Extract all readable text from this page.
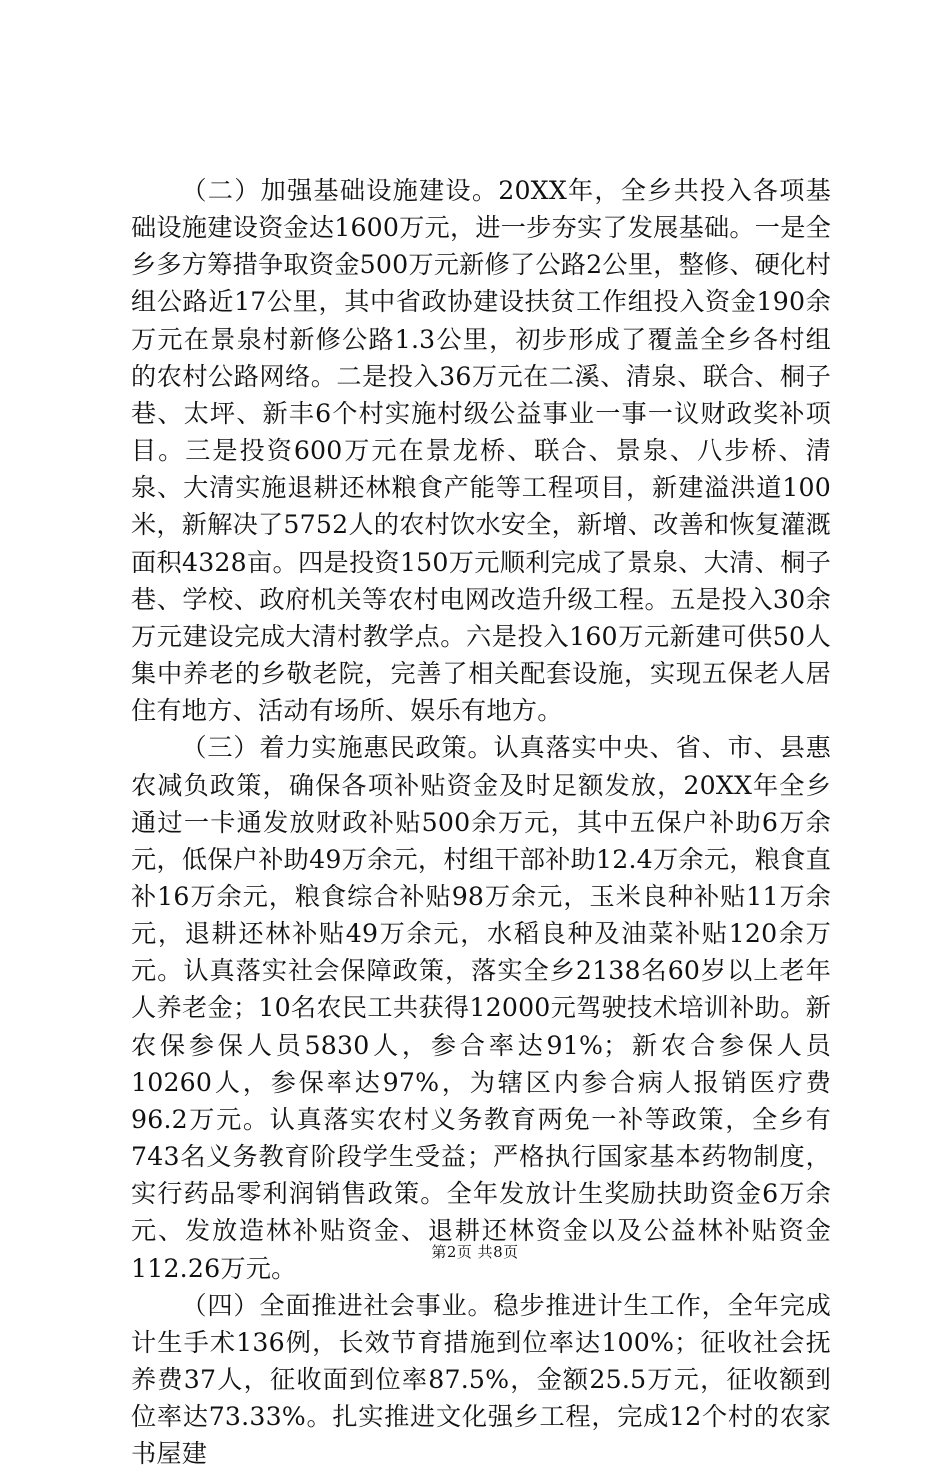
（二）加强基础设施建设。20XX年，全乡共投入各项基础设施建设资金达1600万元，进一步夯实了发展基础。一是全乡多方筹措争取资金500万元新修了公路2公里，整修、硬化村组公路近17公里，其中省政协建设扶贫工作组投入资金190余万元在景泉村新修公路1.3公里，初步形成了覆盖全乡各村组的农村公路网络。二是投入36万元在二溪、清泉、联合、桐子巷、太坪、新丰6个村实施村级公益事业一事一议财政奖补项目。三是投资600万元在景龙桥、联合、景泉、八步桥、清泉、大清实施退耕还林粮食产能等工程项目，新建溢洪道100米，新解决了5752人的农村饮水安全，新增、改善和恢复灌溉面积4328亩。四是投资150万元顺利完成了景泉、大清、桐子巷、学校、政府机关等农村电网改造升级工程。五是投入30余万元建设完成大清村教学点。六是投入160万元新建可供50人集中养老的乡敬老院，完善了相关配套设施，实现五保老人居住有地方、活动有场所、娱乐有地方。

（三）着力实施惠民政策。认真落实中央、省、市、县惠农减负政策，确保各项补贴资金及时足额发放，20XX年全乡通过一卡通发放财政补贴500余万元，其中五保户补助6万余元，低保户补助49万余元，村组干部补助12.4万余元，粮食直补16万余元，粮食综合补贴98万余元，玉米良种补贴11万余元，退耕还林补贴49万余元，水稻良种及油菜补贴120余万元。认真落实社会保障政策，落实全乡2138名60岁以上老年人养老金；10名农民工共获得12000元驾驶技术培训补助。新农保参保人员5830人，参合率达91%；新农合参保人员10260人，参保率达97%，为辖区内参合病人报销医疗费96.2万元。认真落实农村义务教育两免一补等政策，全乡有743名义务教育阶段学生受益；严格执行国家基本药物制度，实行药品零利润销售政策。全年发放计生奖励扶助资金6万余元、发放造林补贴资金、退耕还林资金以及公益林补贴资金112.26万元。

（四）全面推进社会事业。稳步推进计生工作，全年完成计生手术136例，长效节育措施到位率达100%；征收社会抚养费37人，征收面到位率87.5%，金额25.5万元，征收额到位率达73.33%。扎实推进文化强乡工程，完成12个村的农家书屋建

第2页 共8页
